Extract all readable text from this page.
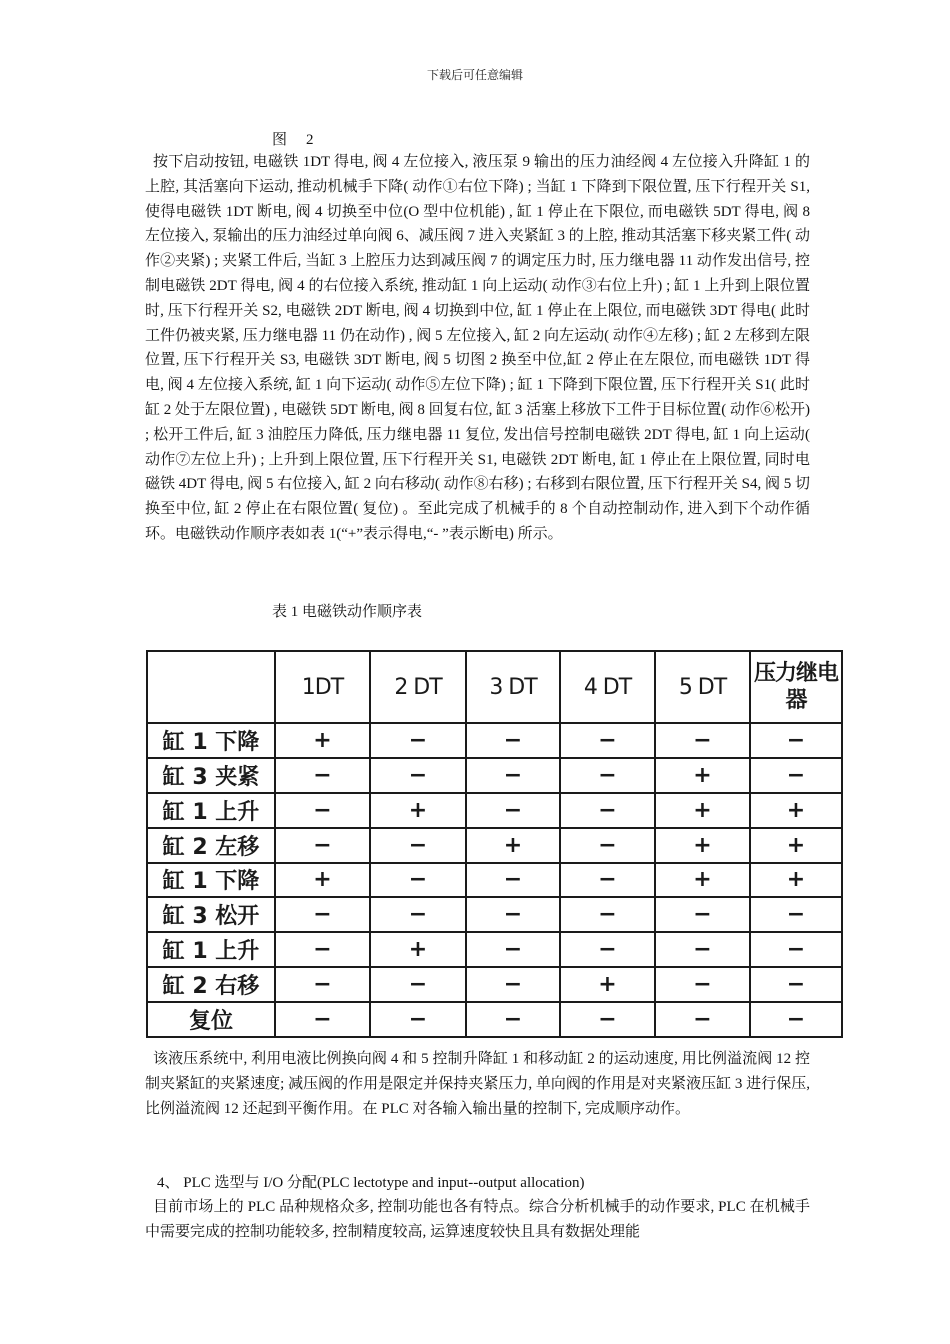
下载后可任意编辑
图　2

按下启动按钮, 电磁铁 1DT 得电, 阀 4 左位接入, 液压泵 9 输出的压力油经阀 4 左位接入升降缸 1 的上腔, 其活塞向下运动, 推动机械手下降( 动作①右位下降) ; 当缸 1 下降到下限位置, 压下行程开关 S1, 使得电磁铁 1DT 断电, 阀 4 切换至中位(O 型中位机能) , 缸 1 停止在下限位, 而电磁铁 5DT 得电, 阀 8 左位接入, 泵输出的压力油经过单向阀 6、减压阀 7 进入夹紧缸 3 的上腔, 推动其活塞下移夹紧工件( 动作②夹紧) ; 夹紧工件后, 当缸 3 上腔压力达到减压阀 7 的调定压力时, 压力继电器 11 动作发出信号, 控制电磁铁 2DT 得电, 阀 4 的右位接入系统, 推动缸 1 向上运动( 动作③右位上升) ; 缸 1 上升到上限位置时, 压下行程开关 S2, 电磁铁 2DT 断电, 阀 4 切换到中位, 缸 1 停止在上限位, 而电磁铁 3DT 得电( 此时工件仍被夹紧, 压力继电器 11 仍在动作) , 阀 5 左位接入, 缸 2 向左运动( 动作④左移) ; 缸 2 左移到左限位置, 压下行程开关 S3, 电磁铁 3DT 断电, 阀 5 切图 2 换至中位,缸 2 停止在左限位, 而电磁铁 1DT 得电, 阀 4 左位接入系统, 缸 1 向下运动( 动作⑤左位下降) ; 缸 1 下降到下限位置, 压下行程开关 S1( 此时缸 2 处于左限位置) , 电磁铁 5DT 断电, 阀 8 回复右位, 缸 3 活塞上移放下工件于目标位置( 动作⑥松开) ; 松开工件后, 缸 3 油腔压力降低, 压力继电器 11 复位, 发出信号控制电磁铁 2DT 得电, 缸 1 向上运动( 动作⑦左位上升) ; 上升到上限位置, 压下行程开关 S1, 电磁铁 2DT 断电, 缸 1 停止在上限位置, 同时电磁铁 4DT 得电, 阀 5 右位接入, 缸 2 向右移动( 动作⑧右移) ; 右移到右限位置, 压下行程开关 S4, 阀 5 切换至中位, 缸 2 停止在右限位置( 复位) 。至此完成了机械手的 8 个自动控制动作, 进入到下个动作循环。电磁铁动作顺序表如表 1(“+”表示得电,“- ”表示断电) 所示。

表 1 电磁铁动作顺序表
	1DT	2 DT	3 DT	4 DT	5 DT	压力继电器
缸 1 下降	+	−	−	−	−	−
缸 3 夹紧	−	−	−	−	+	−
缸 1 上升	−	+	−	−	+	+
缸 2 左移	−	−	+	−	+	+
缸 1 下降	+	−	−	−	+	+
缸 3 松开	−	−	−	−	−	−
缸 1 上升	−	+	−	−	−	−
缸 2 右移	−	−	−	+	−	−
复位	−	−	−	−	−	−

该液压系统中, 利用电液比例换向阀 4 和 5 控制升降缸 1 和移动缸 2 的运动速度, 用比例溢流阀 12 控制夹紧缸的夹紧速度; 减压阀的作用是限定并保持夹紧压力, 单向阀的作用是对夹紧液压缸 3 进行保压, 比例溢流阀 12 还起到平衡作用。在 PLC 对各输入输出量的控制下, 完成顺序动作。

4、 PLC 选型与 I/O 分配(PLC lectotype and input--output allocation)

目前市场上的 PLC 品种规格众多, 控制功能也各有特点。综合分析机械手的动作要求, PLC 在机械手中需要完成的控制功能较多, 控制精度较高, 运算速度较快且具有数据处理能
